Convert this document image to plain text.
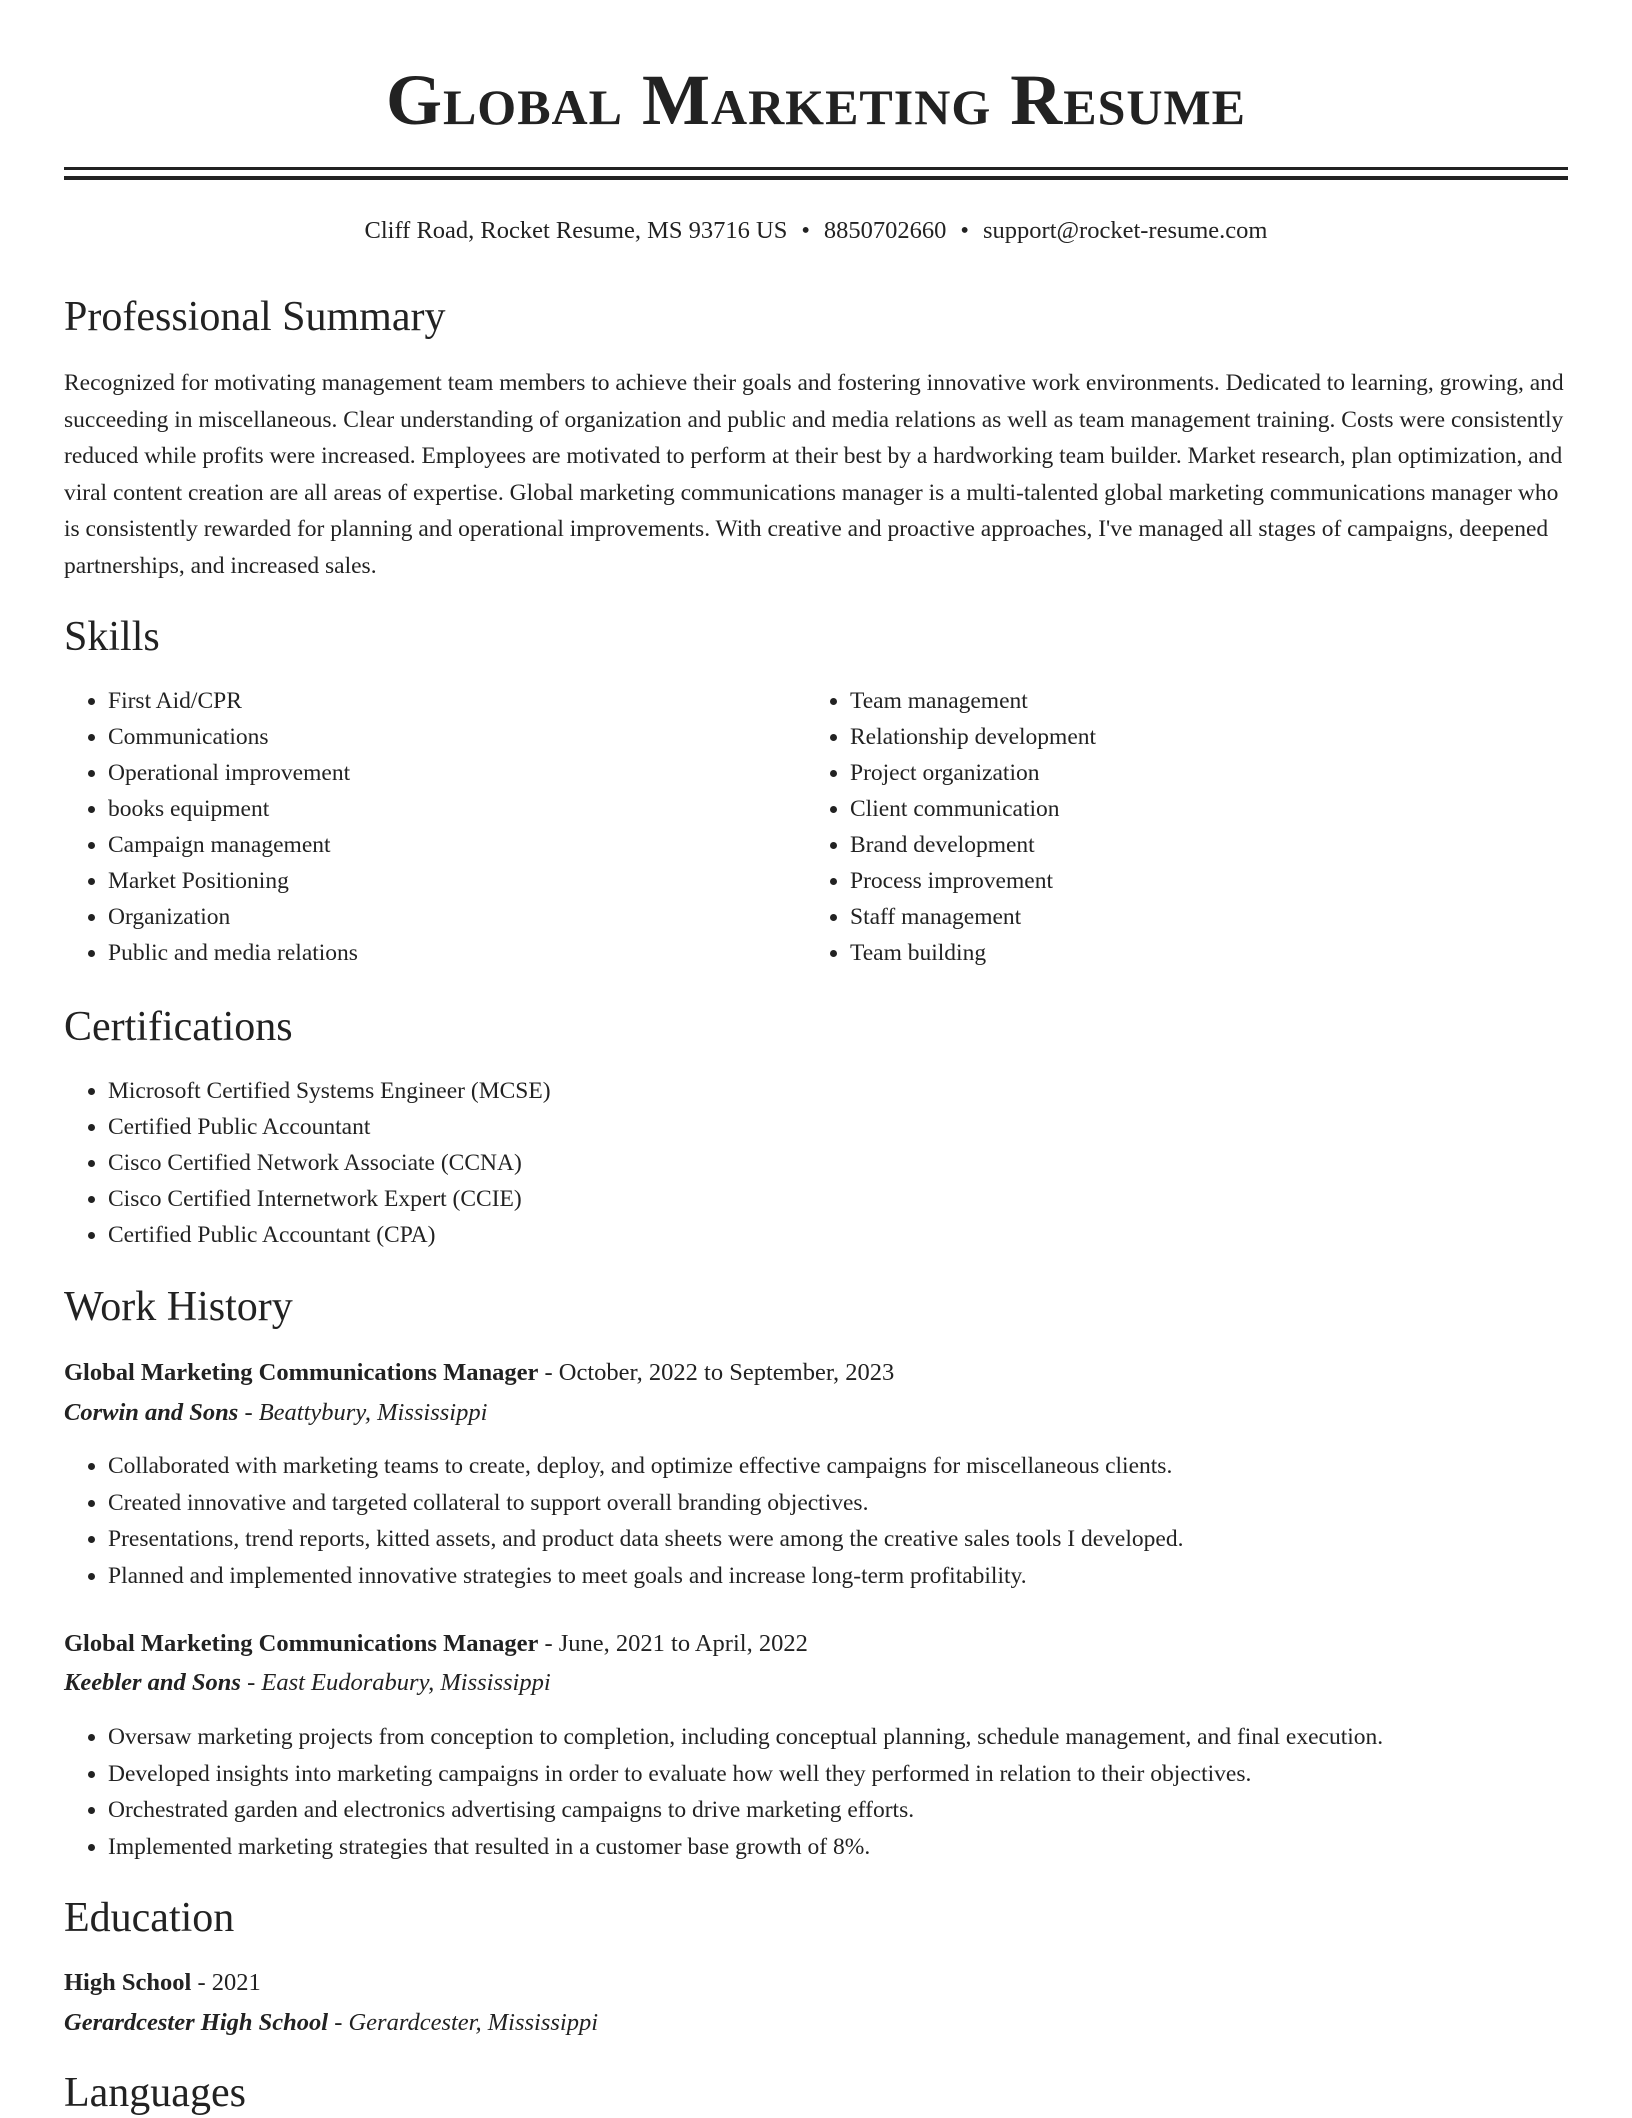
Global Marketing Resume
Cliff Road, Rocket Resume, MS 93716 US • 8850702660 • support@rocket-resume.com
Professional Summary

Recognized for motivating management team members to achieve their goals and fostering innovative work environments. Dedicated to learning, growing, and succeeding in miscellaneous. Clear understanding of organization and public and media relations as well as team management training. Costs were consistently reduced while profits were increased. Employees are motivated to perform at their best by a hardworking team builder. Market research, plan optimization, and viral content creation are all areas of expertise. Global marketing communications manager is a multi-talented global marketing communications manager who is consistently rewarded for planning and operational improvements. With creative and proactive approaches, I've managed all stages of campaigns, deepened partnerships, and increased sales.

Skills
• First Aid/CPR
• Communications
• Operational improvement
• books equipment
• Campaign management
• Market Positioning
• Organization
• Public and media relations
• Team management
• Relationship development
• Project organization
• Client communication
• Brand development
• Process improvement
• Staff management
• Team building
Certifications
• Microsoft Certified Systems Engineer (MCSE)
• Certified Public Accountant
• Cisco Certified Network Associate (CCNA)
• Cisco Certified Internetwork Expert (CCIE)
• Certified Public Accountant (CPA)
Work History
Global Marketing Communications Manager - October, 2022 to September, 2023
Corwin and Sons - Beattybury, Mississippi
• Collaborated with marketing teams to create, deploy, and optimize effective campaigns for miscellaneous clients.
• Created innovative and targeted collateral to support overall branding objectives.
• Presentations, trend reports, kitted assets, and product data sheets were among the creative sales tools I developed.
• Planned and implemented innovative strategies to meet goals and increase long-term profitability.
Global Marketing Communications Manager - June, 2021 to April, 2022
Keebler and Sons - East Eudorabury, Mississippi
• Oversaw marketing projects from conception to completion, including conceptual planning, schedule management, and final execution.
• Developed insights into marketing campaigns in order to evaluate how well they performed in relation to their objectives.
• Orchestrated garden and electronics advertising campaigns to drive marketing efforts.
• Implemented marketing strategies that resulted in a customer base growth of 8%.
Education
High School - 2021
Gerardcester High School - Gerardcester, Mississippi
Languages
